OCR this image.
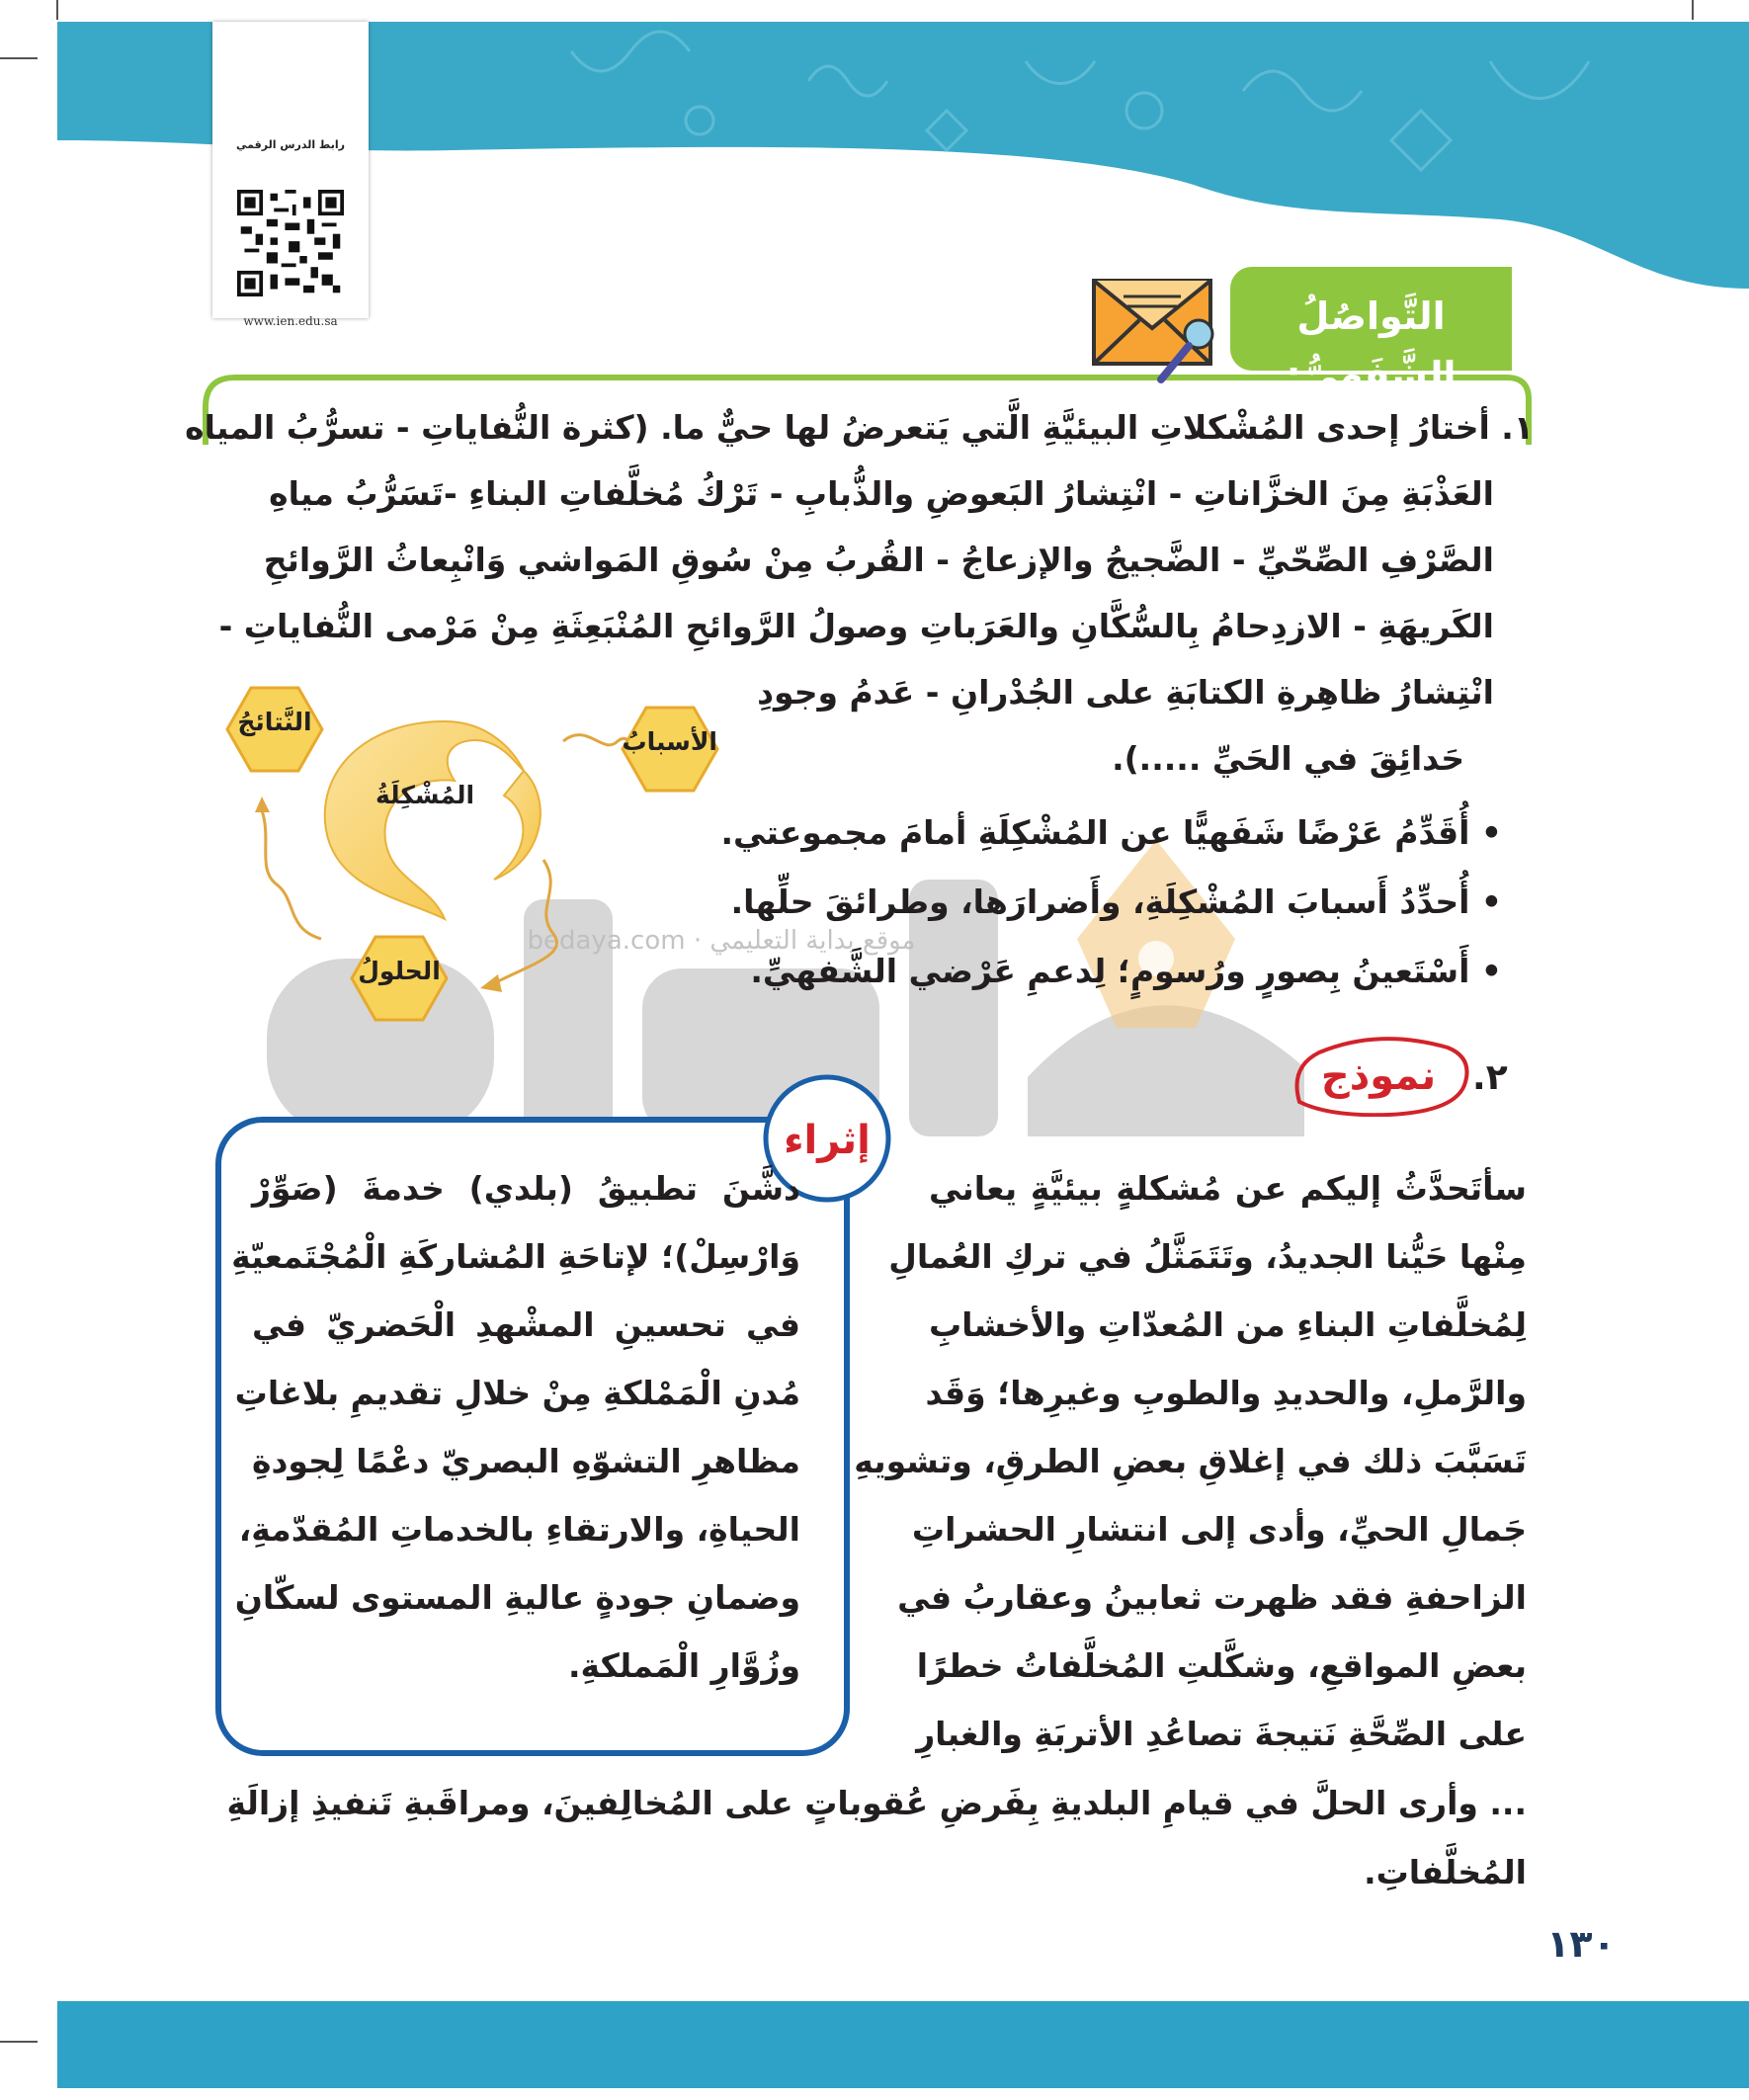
رابط الدرس الرقمي
www.ien.edu.sa
موقع بداية التعليمي · bedaya.com
التَّواصُلُ الشَّفَهِيُّ:
١. أختارُ إحدى المُشْكلاتِ البيئيَّةِ الَّتي يَتعرضُ لها حيٌّ ما. (كثرة النُّفاياتِ - تسرُّبُ المياه
العَذْبَةِ مِنَ الخزَّاناتِ - انْتِشارُ البَعوضِ والذُّبابِ - تَرْكُ مُخلَّفاتِ البناءِ -تَسَرُّبُ مياهِ
الصَّرْفِ الصِّحّيِّ - الضَّجيجُ والإزعاجُ - القُربُ مِنْ سُوقِ المَواشي وَانْبِعاثُ الرَّوائحِ
الكَريهَةِ - الازدِحامُ بِالسُّكَّانِ والعَرَباتِ وصولُ الرَّوائحِ المُنْبَعِثَةِ مِنْ مَرْمى النُّفاياتِ -
انْتِشارُ ظاهِرةِ الكتابَةِ على الجُدْرانِ - عَدمُ وجودِ
حَدائِقَ في الحَيِّ .....).
• أُقَدِّمُ عَرْضًا شَفَهيًّا عن المُشْكِلَةِ أمامَ مجموعتي.
• أُحدِّدُ أَسبابَ المُشْكِلَةِ، وأَضرارَها، وطرائقَ حلِّها.
• أَسْتَعينُ بِصورٍ ورُسومٍ؛ لِدعمِ عَرْضي الشَّفهيِّ.
النَّتائجُ
الأسبابُ
الحلولُ
المُشْكِلَةُ
٢.
نموذج
إثراء
دشَّنَ تطبيقُ (بلدي) خدمةَ (صَوِّرْ
وَارْسِلْ)؛ لإتاحَةِ المُشاركَةِ الْمُجْتَمعيّةِ
في تحسينِ المشْهدِ الْحَضريّ في
مُدنِ الْمَمْلكةِ مِنْ خلالِ تقديمِ بلاغاتِ
مظاهرِ التشوّهِ البصريّ دعْمًا لِجودةِ
الحياةِ، والارتقاءِ بالخدماتِ المُقدّمةِ،
وضمانِ جودةٍ عاليةِ المستوى لسكّانِ
وزُوَّارِ الْمَملكةِ.
سأتَحدَّثُ إليكم عن مُشكلةٍ بيئيَّةٍ يعاني
مِنْها حَيُّنا الجديدُ، وتَتَمَثَّلُ في تركِ العُمالِ
لِمُخلَّفاتِ البناءِ من المُعدّاتِ والأخشابِ
والرَّملِ، والحديدِ والطوبِ وغيرِها؛ وَقَد
تَسَبَّبَ ذلك في إغلاقِ بعضِ الطرقِ، وتشويهِ
جَمالِ الحيِّ، وأدى إلى انتشارِ الحشراتِ
الزاحفةِ فقد ظهرت ثعابينُ وعقاربُ في
بعضِ المواقعِ، وشكَّلتِ المُخلَّفاتُ خطرًا
على الصِّحَّةِ نَتيجةَ تصاعُدِ الأتربَةِ والغبارِ
... وأرى الحلَّ في قيامِ البلديةِ بِفَرضِ عُقوباتٍ على المُخالِفينَ، ومراقَبةِ تَنفيذِ إزالَةِ
المُخلَّفاتِ.
١٣٠
